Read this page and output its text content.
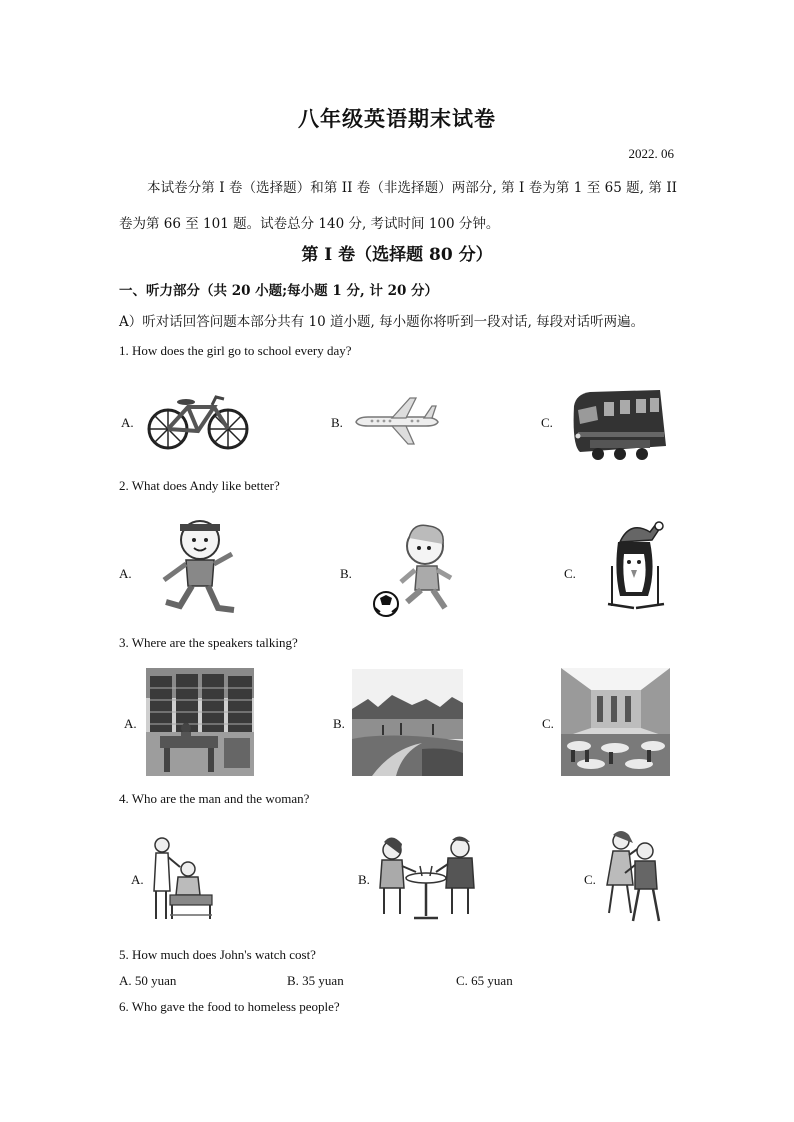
八年级英语期末试卷
2022. 06
本试卷分第 I 卷（选择题）和第 II 卷（非选择题）两部分, 第 I 卷为第 1 至 65 题, 第 II 卷为第 66 至 101 题。试卷总分 140 分, 考试时间 100 分钟。
第 I 卷（选择题 80 分）
一、听力部分（共 20 小题;每小题 1 分, 计 20 分）
A）听对话回答问题本部分共有 10 道小题, 每小题你将听到一段对话, 每段对话听两遍。
1. How does the girl go to school every day?
A.	B.	C.
2. What does Andy like better?
A.	B.	C.
3. Where are the speakers talking?
A.	B.	C.
4. Who are the man and the woman?
A.	B.	C.
5. How much does John's watch cost?
A. 50 yuan	B. 35 yuan	C. 65 yuan
6. Who gave the food to homeless people?
